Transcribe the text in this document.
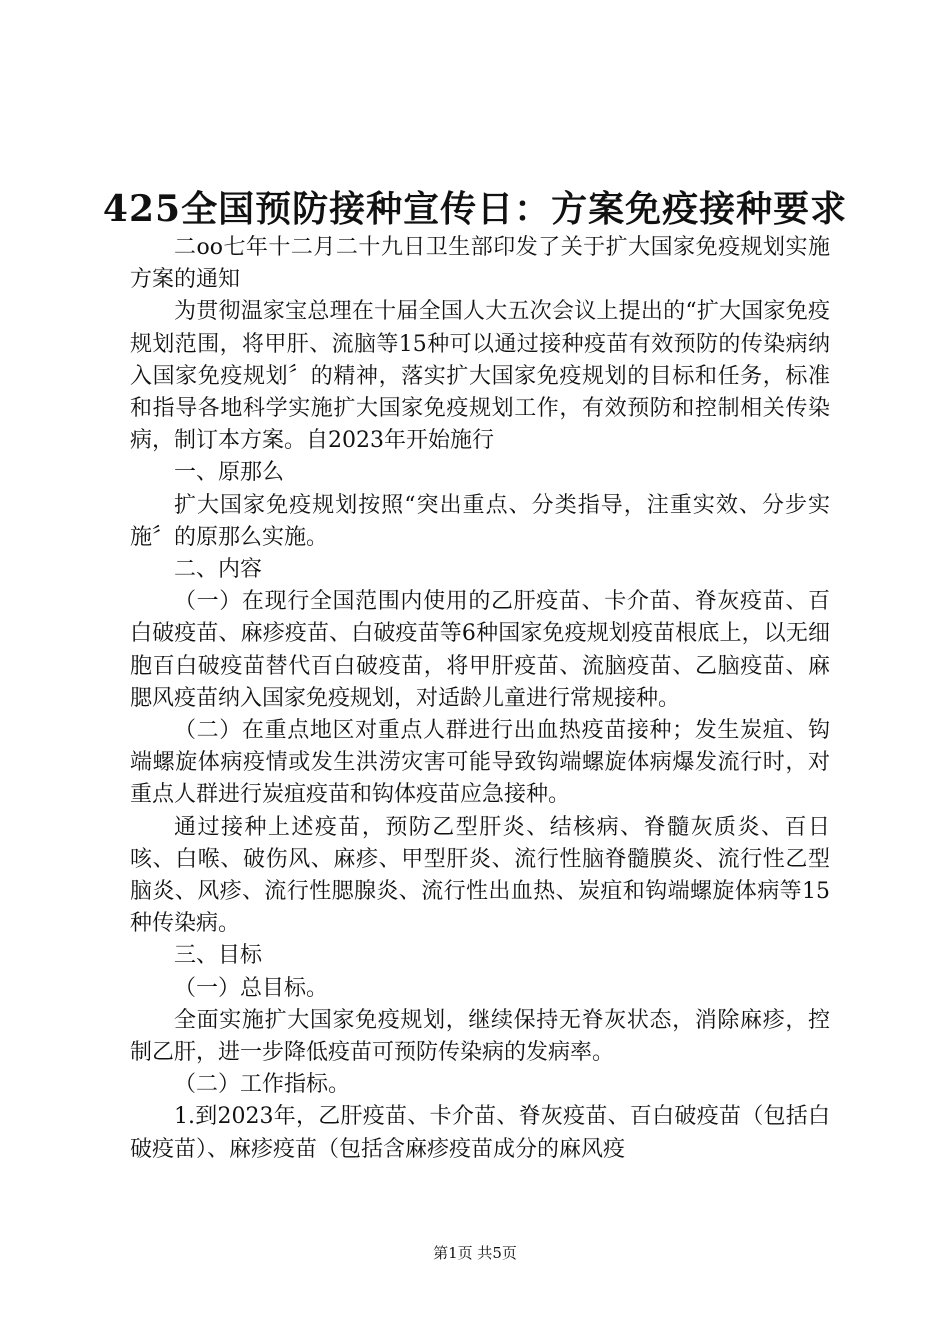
425全国预防接种宣传日：方案免疫接种要求

二oo七年十二月二十九日卫生部印发了关于扩大国家免疫规划实施方案的通知

为贯彻温家宝总理在十届全国人大五次会议上提出的“扩大国家免疫规划范围，将甲肝、流脑等15种可以通过接种疫苗有效预防的传染病纳入国家免疫规划〞的精神，落实扩大国家免疫规划的目标和任务，标准和指导各地科学实施扩大国家免疫规划工作，有效预防和控制相关传染病，制订本方案。自2023年开始施行

一、原那么

扩大国家免疫规划按照“突出重点、分类指导，注重实效、分步实施〞的原那么实施。

二、内容

（一）在现行全国范围内使用的乙肝疫苗、卡介苗、脊灰疫苗、百白破疫苗、麻疹疫苗、白破疫苗等6种国家免疫规划疫苗根底上，以无细胞百白破疫苗替代百白破疫苗，将甲肝疫苗、流脑疫苗、乙脑疫苗、麻腮风疫苗纳入国家免疫规划，对适龄儿童进行常规接种。

（二）在重点地区对重点人群进行出血热疫苗接种；发生炭疽、钩端螺旋体病疫情或发生洪涝灾害可能导致钩端螺旋体病爆发流行时，对重点人群进行炭疽疫苗和钩体疫苗应急接种。

通过接种上述疫苗，预防乙型肝炎、结核病、脊髓灰质炎、百日咳、白喉、破伤风、麻疹、甲型肝炎、流行性脑脊髓膜炎、流行性乙型脑炎、风疹、流行性腮腺炎、流行性出血热、炭疽和钩端螺旋体病等15种传染病。

三、目标

（一）总目标。

全面实施扩大国家免疫规划，继续保持无脊灰状态，消除麻疹，控制乙肝，进一步降低疫苗可预防传染病的发病率。

（二）工作指标。

1.到2023年，乙肝疫苗、卡介苗、脊灰疫苗、百白破疫苗（包括白破疫苗）、麻疹疫苗（包括含麻疹疫苗成分的麻风疫

第1页 共5页
